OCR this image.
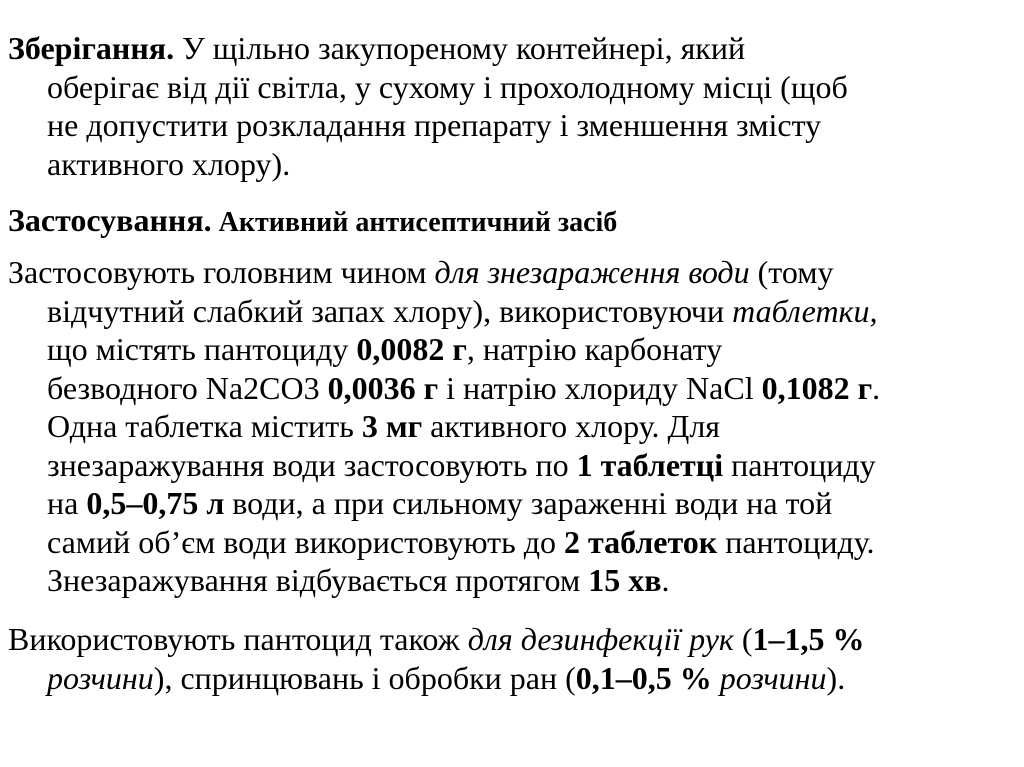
Зберігання. У щільно закупореному контейнері, який
оберігає від дії світла, у сухому і прохолодному місці (щоб
не допустити розкладання препарату і зменшення змісту
активного хлору).

Застосування. Активний антисептичний засіб

Застосовують головним чином для знезараження води (тому
відчутний слабкий запах хлору), використовуючи таблетки,
що містять пантоциду 0,0082 г, натрію карбонату
безводного Na2CO3 0,0036 г і натрію хлориду NaCl 0,1082 г.
Одна таблетка містить 3 мг активного хлору. Для
знезаражування води застосовують по 1 таблетці пантоциду
на 0,5–0,75 л води, а при сильному зараженні води на той
самий об’єм води використовують до 2 таблеток пантоциду.
Знезаражування відбувається протягом 15 хв.

Використовують пантоцид також для дезинфекції рук (1–1,5 %
розчини), спринцювань і обробки ран (0,1–0,5 % розчини).
